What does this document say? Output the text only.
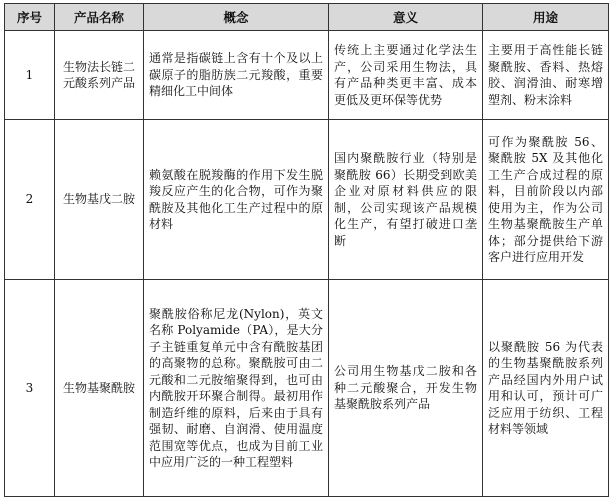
序号	产品名称	概念	意义	用途
1	生物法长链二元酸系列产品	通常是指碳链上含有十个及以上碳原子的脂肪族二元羧酸，重要精细化工中间体	传统上主要通过化学法生产，公司采用生物法，具有产品种类更丰富、成本更低及更环保等优势	主要用于高性能长链聚酰胺、香料、热熔胶、润滑油、耐寒增塑剂、粉末涂料
2	生物基戊二胺	赖氨酸在脱羧酶的作用下发生脱羧反应产生的化合物，可作为聚酰胺及其他化工生产过程中的原材料	国内聚酰胺行业（特别是聚酰胺 66）长期受到欧美企业对原材料供应的限制，公司实现该产品规模化生产，有望打破进口垄断	可作为聚酰胺 56、聚酰胺 5X 及其他化工生产合成过程的原料，目前阶段以内部使用为主，作为公司生物基聚酰胺生产单体；部分提供给下游客户进行应用开发
3	生物基聚酰胺	聚酰胺俗称尼龙(Nylon)，英文名称 Polyamide（PA），是大分子主链重复单元中含有酰胺基团的高聚物的总称。聚酰胺可由二元酸和二元胺缩聚得到，也可由内酰胺开环聚合制得。最初用作制造纤维的原料，后来由于具有强韧、耐磨、自润滑、使用温度范围宽等优点，也成为目前工业中应用广泛的一种工程塑料	公司用生物基戊二胺和各种二元酸聚合，开发生物基聚酰胺系列产品	以聚酰胺 56 为代表的生物基聚酰胺系列产品经国内外用户试用和认可，预计可广泛应用于纺织、工程材料等领域
